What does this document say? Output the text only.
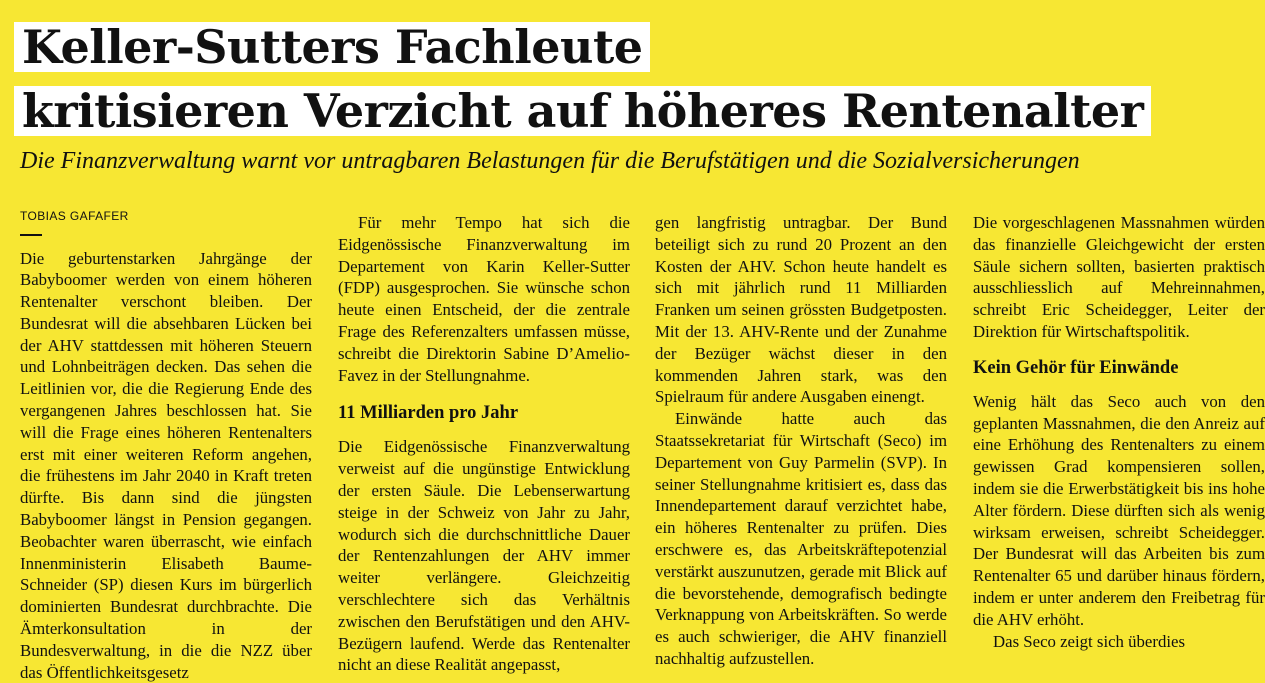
Keller-Sutters Fachleute
kritisieren Verzicht auf höheres Rentenalter
Die Finanzverwaltung warnt vor untragbaren Belastungen für die Berufstätigen und die Sozialversicherungen
TOBIAS GAFAFER

Die geburtenstarken Jahrgänge der Babyboomer werden von einem höheren Rentenalter verschont bleiben. Der Bundesrat will die absehbaren Lücken bei der AHV stattdessen mit höheren Steuern und Lohnbeiträgen decken. Das sehen die Leitlinien vor, die die Regierung Ende des vergangenen Jahres beschlossen hat. Sie will die Frage eines höheren Rentenalters erst mit einer weiteren Reform angehen, die frühestens im Jahr 2040 in Kraft treten dürfte. Bis dann sind die jüngsten Babyboomer längst in Pension gegangen. Beobachter waren überrascht, wie einfach Innenministerin Elisabeth Baume-Schneider (SP) diesen Kurs im bürgerlich dominierten Bundesrat durchbrachte. Die Ämterkonsultation in der Bundesverwaltung, in die die NZZ über das Öffentlichkeitsgesetz

Für mehr Tempo hat sich die Eidgenössische Finanzverwaltung im Departement von Karin Keller-Sutter (FDP) ausgesprochen. Sie wünsche schon heute einen Entscheid, der die zentrale Frage des Referenzalters umfassen müsse, schreibt die Direktorin Sabine D’Amelio-Favez in der Stellungnahme.

11 Milliarden pro Jahr

Die Eidgenössische Finanzverwaltung verweist auf die ungünstige Entwicklung der ersten Säule. Die Lebenserwartung steige in der Schweiz von Jahr zu Jahr, wodurch sich die durchschnittliche Dauer der Rentenzahlungen der AHV immer weiter verlängere. Gleichzeitig verschlechtere sich das Verhältnis zwischen den Berufstätigen und den AHV-Bezügern laufend. Werde das Rentenalter nicht an diese Realität angepasst,

gen langfristig untragbar. Der Bund beteiligt sich zu rund 20 Prozent an den Kosten der AHV. Schon heute handelt es sich mit jährlich rund 11 Milliarden Franken um seinen grössten Budgetposten. Mit der 13. AHV-Rente und der Zunahme der Bezüger wächst dieser in den kommenden Jahren stark, was den Spielraum für andere Ausgaben einengt.

Einwände hatte auch das Staatssekretariat für Wirtschaft (Seco) im Departement von Guy Parmelin (SVP). In seiner Stellungnahme kritisiert es, dass das Innendepartement darauf verzichtet habe, ein höheres Rentenalter zu prüfen. Dies erschwere es, das Arbeitskräftepotenzial verstärkt auszunutzen, gerade mit Blick auf die bevorstehende, demografisch bedingte Verknappung von Arbeitskräften. So werde es auch schwieriger, die AHV finanziell nachhaltig aufzustellen.

Die vorgeschlagenen Massnahmen würden das finanzielle Gleichgewicht der ersten Säule sichern sollten, basierten praktisch ausschliesslich auf Mehreinnahmen, schreibt Eric Scheidegger, Leiter der Direktion für Wirtschaftspolitik.

Kein Gehör für Einwände

Wenig hält das Seco auch von den geplanten Massnahmen, die den Anreiz auf eine Erhöhung des Rentenalters zu einem gewissen Grad kompensieren sollen, indem sie die Erwerbstätigkeit bis ins hohe Alter fördern. Diese dürften sich als wenig wirksam erweisen, schreibt Scheidegger. Der Bundesrat will das Arbeiten bis zum Rentenalter 65 und darüber hinaus fördern, indem er unter anderem den Freibetrag für die AHV erhöht.

Das Seco zeigt sich überdies
